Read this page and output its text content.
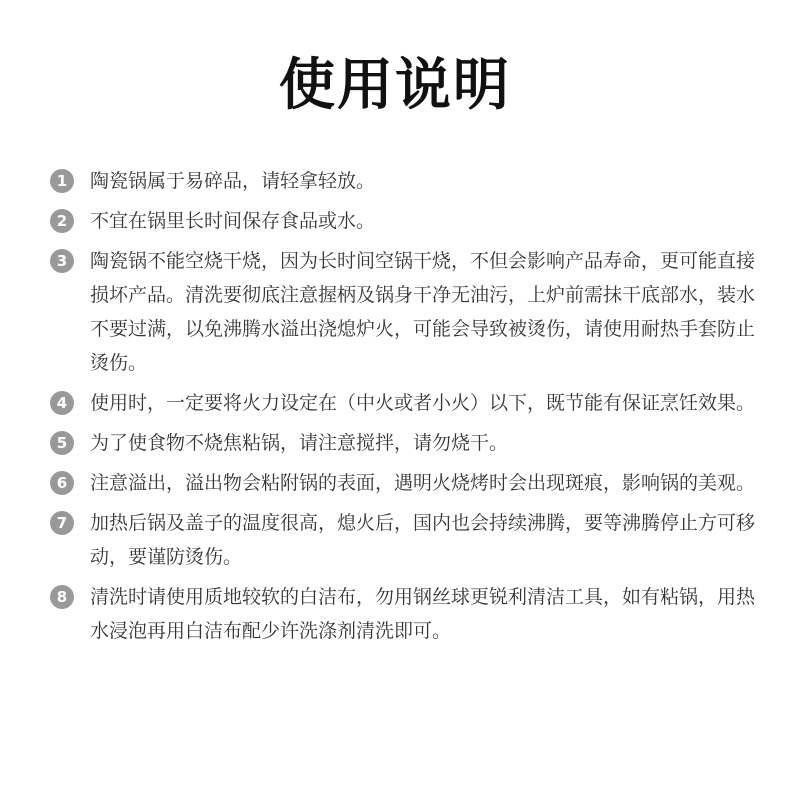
使用说明
1	陶瓷锅属于易碎品，请轻拿轻放。
2	不宜在锅里长时间保存食品或水。
3	陶瓷锅不能空烧干烧，因为长时间空锅干烧，不但会影响产品寿命，更可能直接损坏产品。清洗要彻底注意握柄及锅身干净无油污，上炉前需抹干底部水，装水不要过满，以免沸腾水溢出浇熄炉火，可能会导致被烫伤，请使用耐热手套防止烫伤。
4	使用时，一定要将火力设定在（中火或者小火）以下，既节能有保证烹饪效果。
5	为了使食物不烧焦粘锅，请注意搅拌，请勿烧干。
6	注意溢出，溢出物会粘附锅的表面，遇明火烧烤时会出现斑痕，影响锅的美观。
7	加热后锅及盖子的温度很高，熄火后，国内也会持续沸腾，要等沸腾停止方可移动，要谨防烫伤。
8	清洗时请使用质地较软的白洁布，勿用钢丝球更锐利清洁工具，如有粘锅，用热水浸泡再用白洁布配少许洗涤剂清洗即可。
